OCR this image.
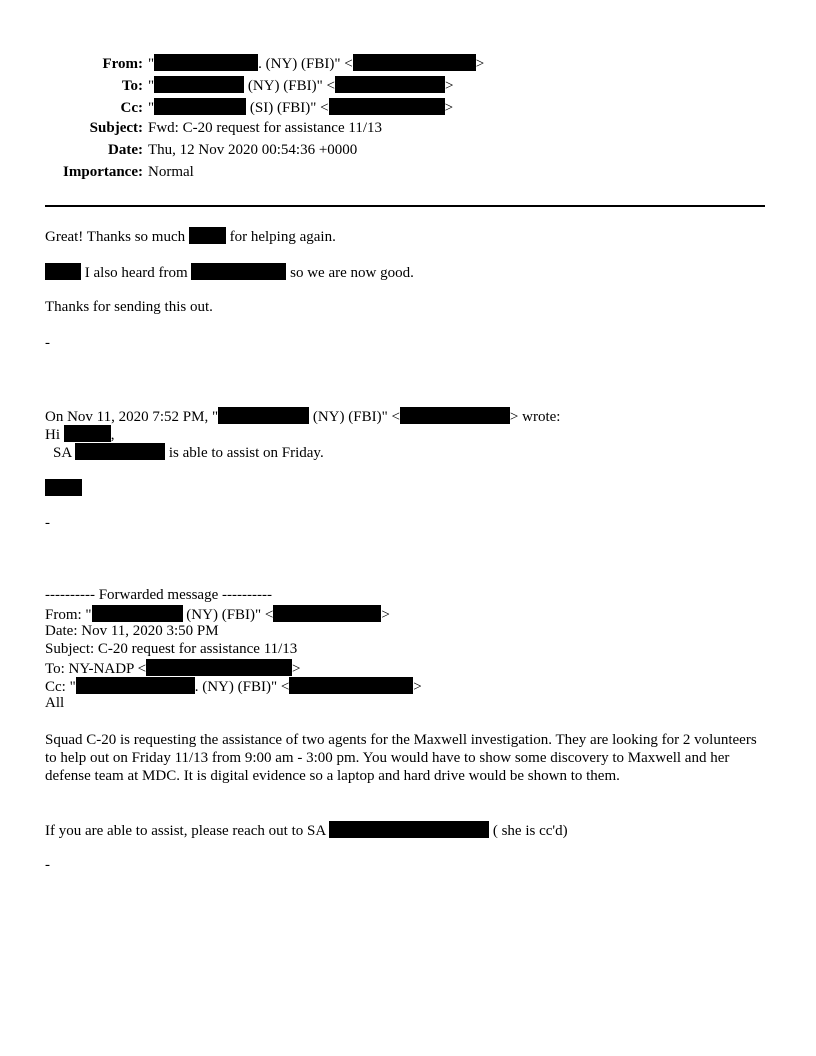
From: "	. (NY) (FBI)" <	>
To: "	(NY) (FBI)" <	>
Cc: "	(SI) (FBI)" <	>
Subject: Fwd: C-20 request for assistance 11/13
Date: Thu, 12 Nov 2020 00:54:36 +0000
Importance: Normal
Great! Thanks so much  for helping again.
I also heard from	so we are now good.
Thanks for sending this out.
-
On Nov 11, 2020 7:52 PM, "	(NY) (FBI)" <	> wrote:
Hi	,
SA	is able to assist on Friday.
-
---------- Forwarded message ----------
From: "	(NY) (FBI)" <	>
Date: Nov 11, 2020 3:50 PM
Subject: C-20 request for assistance 11/13
To: NY-NADP <	>
Cc: "	. (NY) (FBI)" <	>
All
Squad C-20 is requesting the assistance of two agents for the Maxwell investigation. They are looking for 2 volunteers to help out on Friday 11/13 from 9:00 am - 3:00 pm. You would have to show some discovery to Maxwell and her defense team at MDC. It is digital evidence so a laptop and hard drive would be shown to them.
If you are able to assist, please reach out to SA	( she is cc'd)
-
